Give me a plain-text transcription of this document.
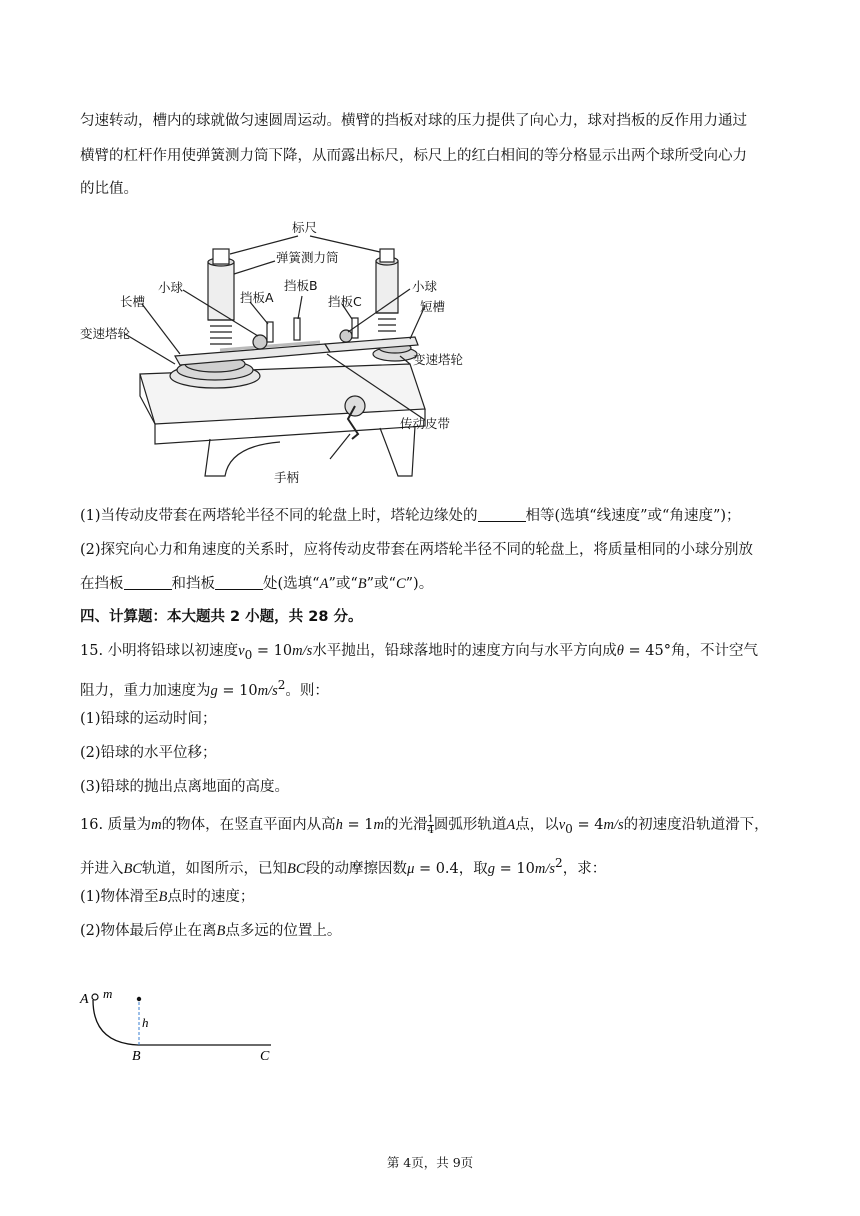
匀速转动，槽内的球就做匀速圆周运动。横臂的挡板对球的压力提供了向心力，球对挡板的反作用力通过
横臂的杠杆作用使弹簧测力筒下降，从而露出标尺，标尺上的红白相间的等分格显示出两个球所受向心力
的比值。
标尺
弹簧测力筒
小球	小球
挡板A
挡板B
挡板C
长槽	短槽
变速塔轮
变速塔轮
传动皮带
手柄
(1)当传动皮带套在两塔轮半径不同的轮盘上时，塔轮边缘处的	相等(选填“线速度”或“角速度”)；
(2)探究向心力和角速度的关系时，应将传动皮带套在两塔轮半径不同的轮盘上，将质量相同的小球分别放
在挡板	和挡板	处(选填“A”或“B”或“C”)。
四、计算题：本大题共 2 小题，共 28 分。
15. 小明将铅球以初速度$v_0 = 10m/s$水平抛出，铅球落地时的速度方向与水平方向成θ = 45°角，不计空气
阻力，重力加速度为$g = 10m/s^2$。则：
(1)铅球的运动时间；
(2)铅球的水平位移；
(3)铅球的抛出点离地面的高度。
16. 质量为m的物体，在竖直平面内从高h = 1m的光滑 $\frac{1}{4}$ 圆弧形轨道A点，以$v_0 = 4m/s$的初速度沿轨道滑下，
并进入BC轨道，如图所示，已知BC段的动摩擦因数μ = 0.4，取$g = 10m/s^2$，求：
(1)物体滑至B点时的速度；
(2)物体最后停止在离B点多远的位置上。
A m
h
B	C
第 4页，共 9页
